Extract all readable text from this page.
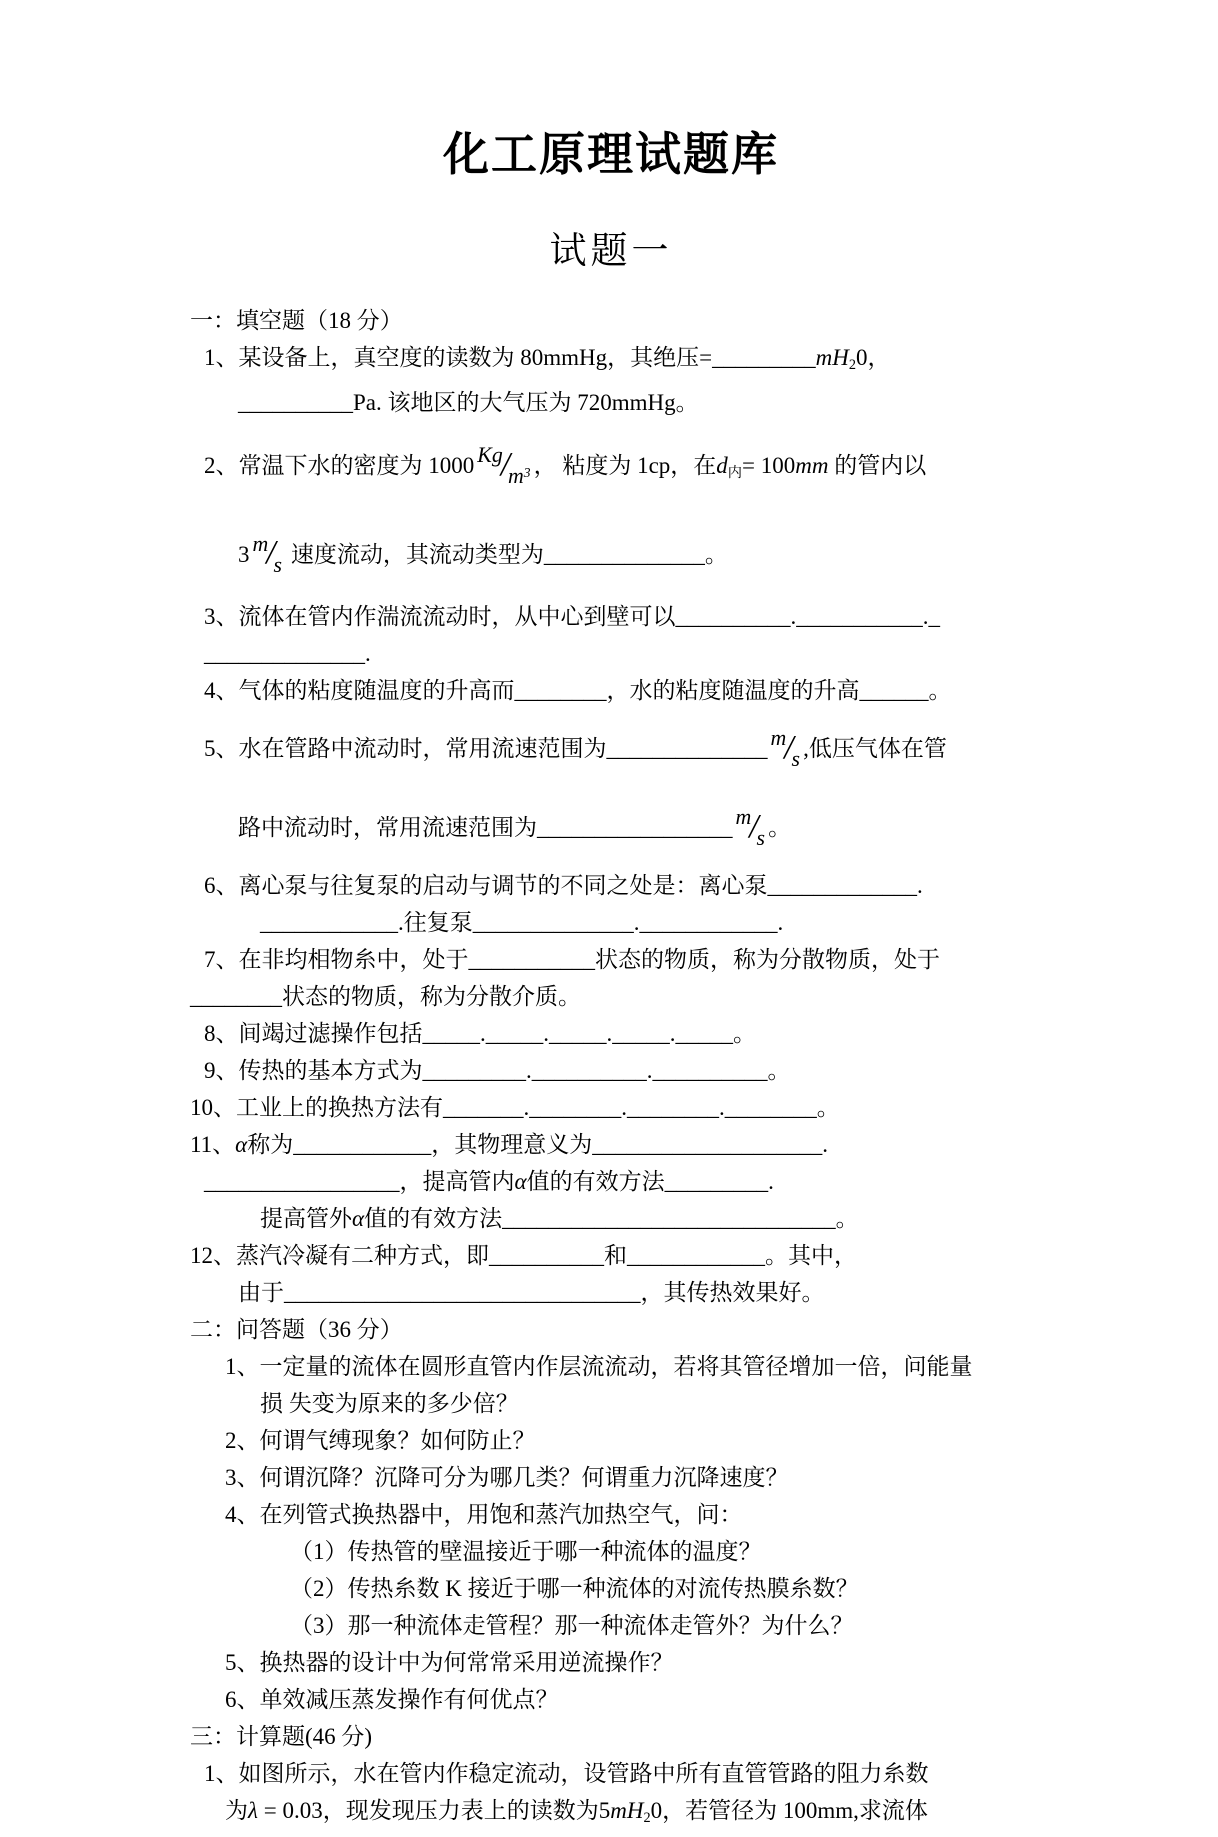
化工原理试题库
试题一

一：填空题（18 分）

1、某设备上，真空度的读数为 80mmHg，其绝压=_________mH20，

__________Pa. 该地区的大气压为 720mmHg。

2、常温下水的密度为 1000 $Kg/m^3$ ， 粘度为 1cp，在d内= 100mm 的管内以

3 m/s 速度流动，其流动类型为______________。

3、流体在管内作湍流流动时，从中心到壁可以__________.___________._

______________.

4、气体的粘度随温度的升高而________，水的粘度随温度的升高______。

5、水在管路中流动时，常用流速范围为______________ m/s ,低压气体在管

路中流动时，常用流速范围为_________________ m/s 。

6、离心泵与往复泵的启动与调节的不同之处是：离心泵_____________.

____________.往复泵______________.____________.

7、在非均相物糸中，处于___________状态的物质，称为分散物质，处于

________状态的物质，称为分散介质。

8、间竭过滤操作包括_____._____._____._____._____。

9、传热的基本方式为_________.__________.__________。

10、工业上的换热方法有_______.________.________.________。

11、α称为____________，其物理意义为____________________.

_________________，提高管内α值的有效方法_________.

提高管外α值的有效方法_____________________________。

12、蒸汽冷凝有二种方式，即__________和____________。其中，

由于_______________________________，其传热效果好。

二：问答题（36 分）

1、一定量的流体在圆形直管内作层流流动，若将其管径增加一倍，问能量

损 失变为原来的多少倍？

2、何谓气缚现象？如何防止？

3、何谓沉降？沉降可分为哪几类？何谓重力沉降速度？

4、在列管式换热器中，用饱和蒸汽加热空气，问：

（1）传热管的壁温接近于哪一种流体的温度？

（2）传热糸数 K 接近于哪一种流体的对流传热膜糸数？

（3）那一种流体走管程？那一种流体走管外？为什么？

5、换热器的设计中为何常常采用逆流操作？

6、单效减压蒸发操作有何优点？

三：计算题(46 分)

1、如图所示，水在管内作稳定流动，设管路中所有直管管路的阻力糸数

为λ = 0.03，现发现压力表上的读数为5mH20，若管径为 100mm,求流体
